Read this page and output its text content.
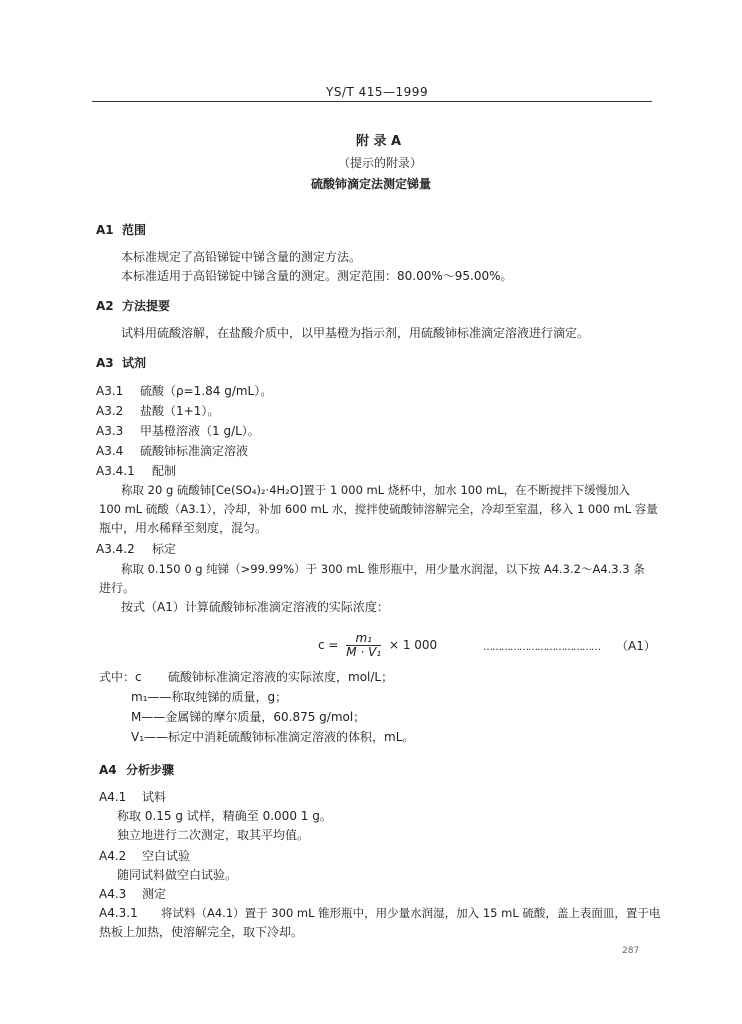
YS/T 415—1999
附 录 A
（提示的附录）
硫酸铈滴定法测定锑量
A1 范围
本标准规定了高铅锑锭中锑含量的测定方法。
本标准适用于高铅锑锭中锑含量的测定。测定范围：80.00%～95.00%。
A2 方法提要
试料用硫酸溶解，在盐酸介质中，以甲基橙为指示剂，用硫酸铈标准滴定溶液进行滴定。
A3 试剂
A3.1 硫酸（ρ=1.84 g/mL）。
A3.2 盐酸（1+1）。
A3.3 甲基橙溶液（1 g/L）。
A3.4 硫酸铈标准滴定溶液
A3.4.1 配制
称取 20 g 硫酸铈[Ce(SO₄)₂·4H₂O]置于 1 000 mL 烧杯中，加水 100 mL，在不断搅拌下缓慢加入
100 mL 硫酸（A3.1），冷却，补加 600 mL 水，搅拌使硫酸铈溶解完全，冷却至室温，移入 1 000 mL 容量
瓶中，用水稀释至刻度，混匀。
A3.4.2 标定
称取 0.150 0 g 纯锑（>99.99%）于 300 mL 锥形瓶中，用少量水润湿，以下按 A4.3.2～A4.3.3 条
进行。
按式（A1）计算硫酸铈标准滴定溶液的实际浓度：
$c = \frac{\text{m₁}}{\text{M · V₁}} \times 1$ 000	………………………………… （A1）
式中：c 硫酸铈标准滴定溶液的实际浓度，mol/L；
m₁——称取纯锑的质量，g；
M——金属锑的摩尔质量，60.875 g/mol；
V₁——标定中消耗硫酸铈标准滴定溶液的体积，mL。
A4 分析步骤
A4.1 试料
称取 0.15 g 试样，精确至 0.000 1 g。
独立地进行二次测定，取其平均值。
A4.2 空白试验
随同试料做空白试验。
A4.3 测定
A4.3.1 将试料（A4.1）置于 300 mL 锥形瓶中，用少量水润湿，加入 15 mL 硫酸，盖上表面皿，置于电
热板上加热，使溶解完全，取下冷却。
287
